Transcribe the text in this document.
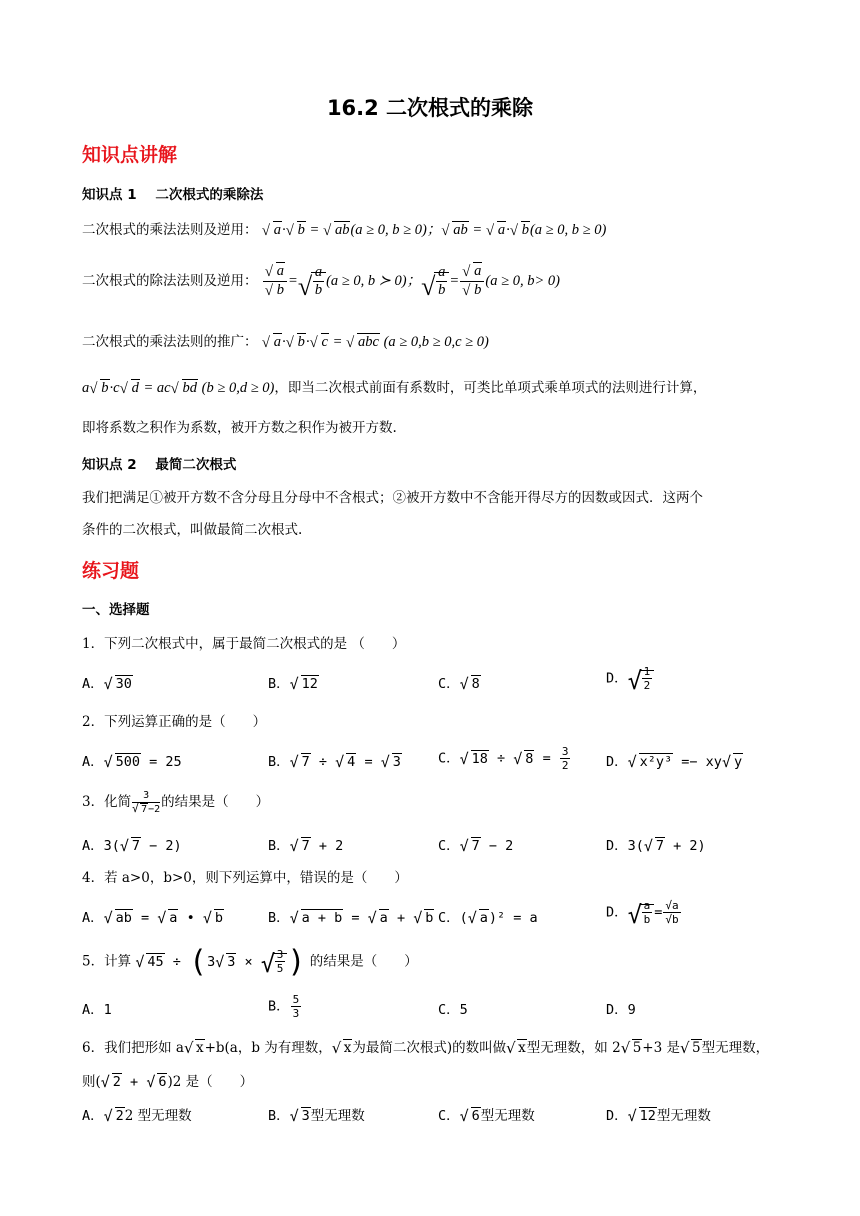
16.2 二次根式的乘除
知识点讲解
知识点 1 二次根式的乘除法
二次根式的乘法法则及逆用： √ a· √ b = √ ab(a ≥ 0, b ≥ 0)； √ ab = √ a· √ b(a ≥ 0, b ≥ 0)
二次根式的除法法则及逆用： $\frac{√ a}{√ b}$ = √ $\frac{a}{b} (a \ge 0$, b ≻ 0)； √ $\frac{a}{b} = \frac{√ a}{√ b} (a \ge 0$, b> 0)
二次根式的乘法法则的推广： √ a· √ b· √ c = √ abc (a ≥ 0,b ≥ 0,c ≥ 0)
a √ b·c √ d = ac √ bd (b ≥ 0,d ≥ 0)，即当二次根式前面有系数时，可类比单项式乘单项式的法则进行计算，
即将系数之积作为系数，被开方数之积作为被开方数.
知识点 2 最简二次根式
我们把满足①被开方数不含分母且分母中不含根式；②被开方数中不含能开得尽方的因数或因式．这两个
条件的二次根式，叫做最简二次根式.
练习题
一、选择题
1．下列二次根式中，属于最简二次根式的是 （　　）
A． √ 30	B． √ 12	C． √ 8	D． √ $\frac{1}{2}$
2．下列运算正确的是（　　）
A． √ 500 = 25	B． √ 7 ÷ √ 4 = √ 3	C． √ 18 ÷ √ $8 = \frac{3}{2}$	D． √ x²y³ =− xy √ y
3．化简 $\frac{3}{√ 7-2}$ 的结果是（　　）
A．3( √ 7 − 2)	B． √ 7 + 2	C． √ 7 − 2	D．3( √ 7 + 2)
4．若 a>0，b>0，则下列运算中，错误的是（　　）
A． √ ab = √ a • √ b	B． √ a + b = √ a + √ b C．( √ a)² = a	D． √ $\frac{a}{b} = \frac{√a}{√b}$
5．计算 √ 45 ÷ (3 √ 3 × √ $\frac{3}{5}$ ) 的结果是（　　）
A．1	B． $\frac{5}{3}$	C．5	D．9
6．我们把形如 a √ x+b(a，b 为有理数， √ x为最简二次根式)的数叫做 √ x型无理数，如 2 √ 5+3 是 √ 5型无理数，
则( √ 2 + √ 6)2 是（　　）
A． √ 22 型无理数	B． √ 3型无理数	C． √ 6型无理数	D． √ 12型无理数
